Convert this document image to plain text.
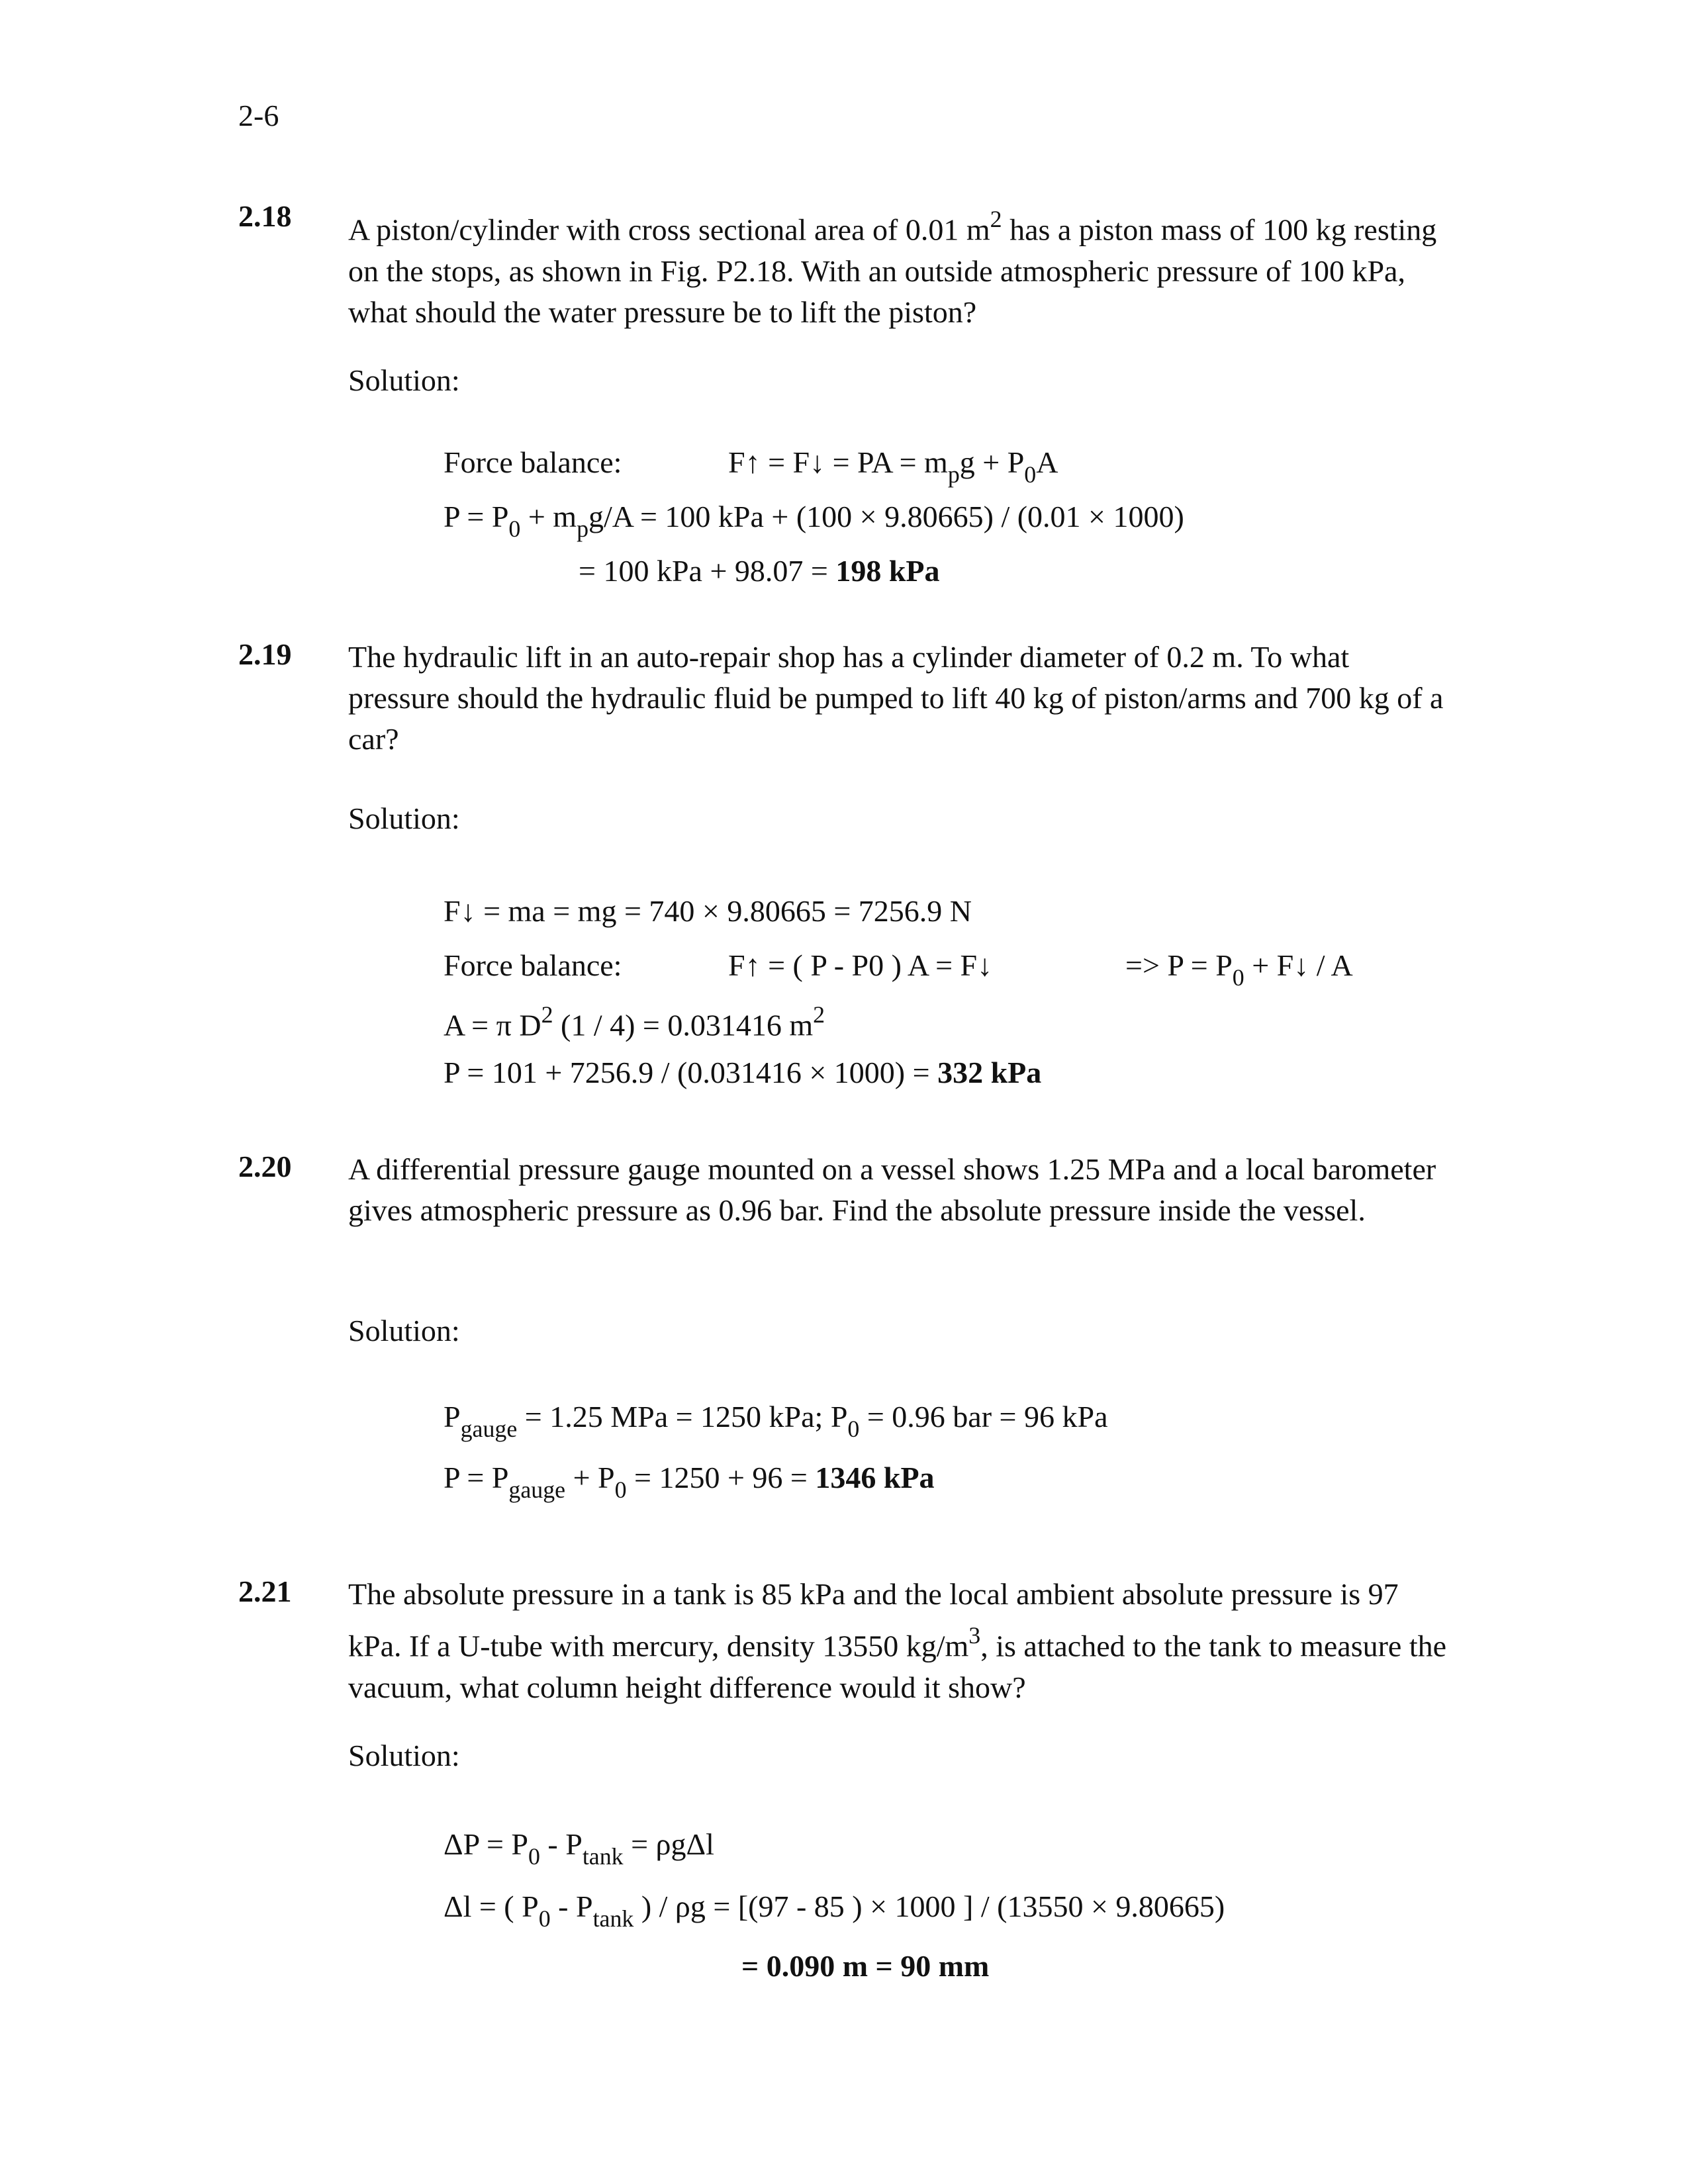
2-6
2.18 A piston/cylinder with cross sectional area of 0.01 $m^2$ has a piston mass of 100 kg resting on the stops, as shown in Fig. P2.18. With an outside atmospheric pressure of 100 kPa, what should the water pressure be to lift the piston?
Solution:
Force balance:	F↑ = F↓ = PA = $m_pg + P_0A$
$P = P_0 + m_pg/A = 100$ kPa + (100 × 9.80665) / (0.01 × 1000)
= 100 kPa + 98.07 = 198 kPa
2.19 The hydraulic lift in an auto-repair shop has a cylinder diameter of 0.2 m. To what pressure should the hydraulic fluid be pumped to lift 40 kg of piston/arms and 700 kg of a car?
Solution:
F↓ = ma = mg = 740 × 9.80665 = 7256.9 N
Force balance:	F↑ = ( P - P0 ) A = F↓	=> $P = P_0$ + F↓ / A
A = π $D^2$ (1 / 4) = 0.031416 $m^2$
P = 101 + 7256.9 / (0.031416 × 1000) = 332 kPa
2.20 A differential pressure gauge mounted on a vessel shows 1.25 MPa and a local barometer gives atmospheric pressure as 0.96 bar. Find the absolute pressure inside the vessel.
Solution:
$P_{gauge} = 1.25$ MPa = 1250 kPa; $P_0 = 0.96$ bar = 96 kPa
$P = P_{gauge} + P_0 = 1250 + 96 = 1346$ kPa
2.21 The absolute pressure in a tank is 85 kPa and the local ambient absolute pressure is 97 kPa. If a U-tube with mercury, density 13550 $kg/m^3$, is attached to the tank to measure the vacuum, what column height difference would it show?
Solution:
$\Delta P = P_0 - P_{tank} = \rho g\Delta l$
Δl = ( $P_0 - P_{tank}$ ) / ρg = [(97 - 85 ) × 1000 ] / (13550 × 9.80665)
= 0.090 m = 90 mm
